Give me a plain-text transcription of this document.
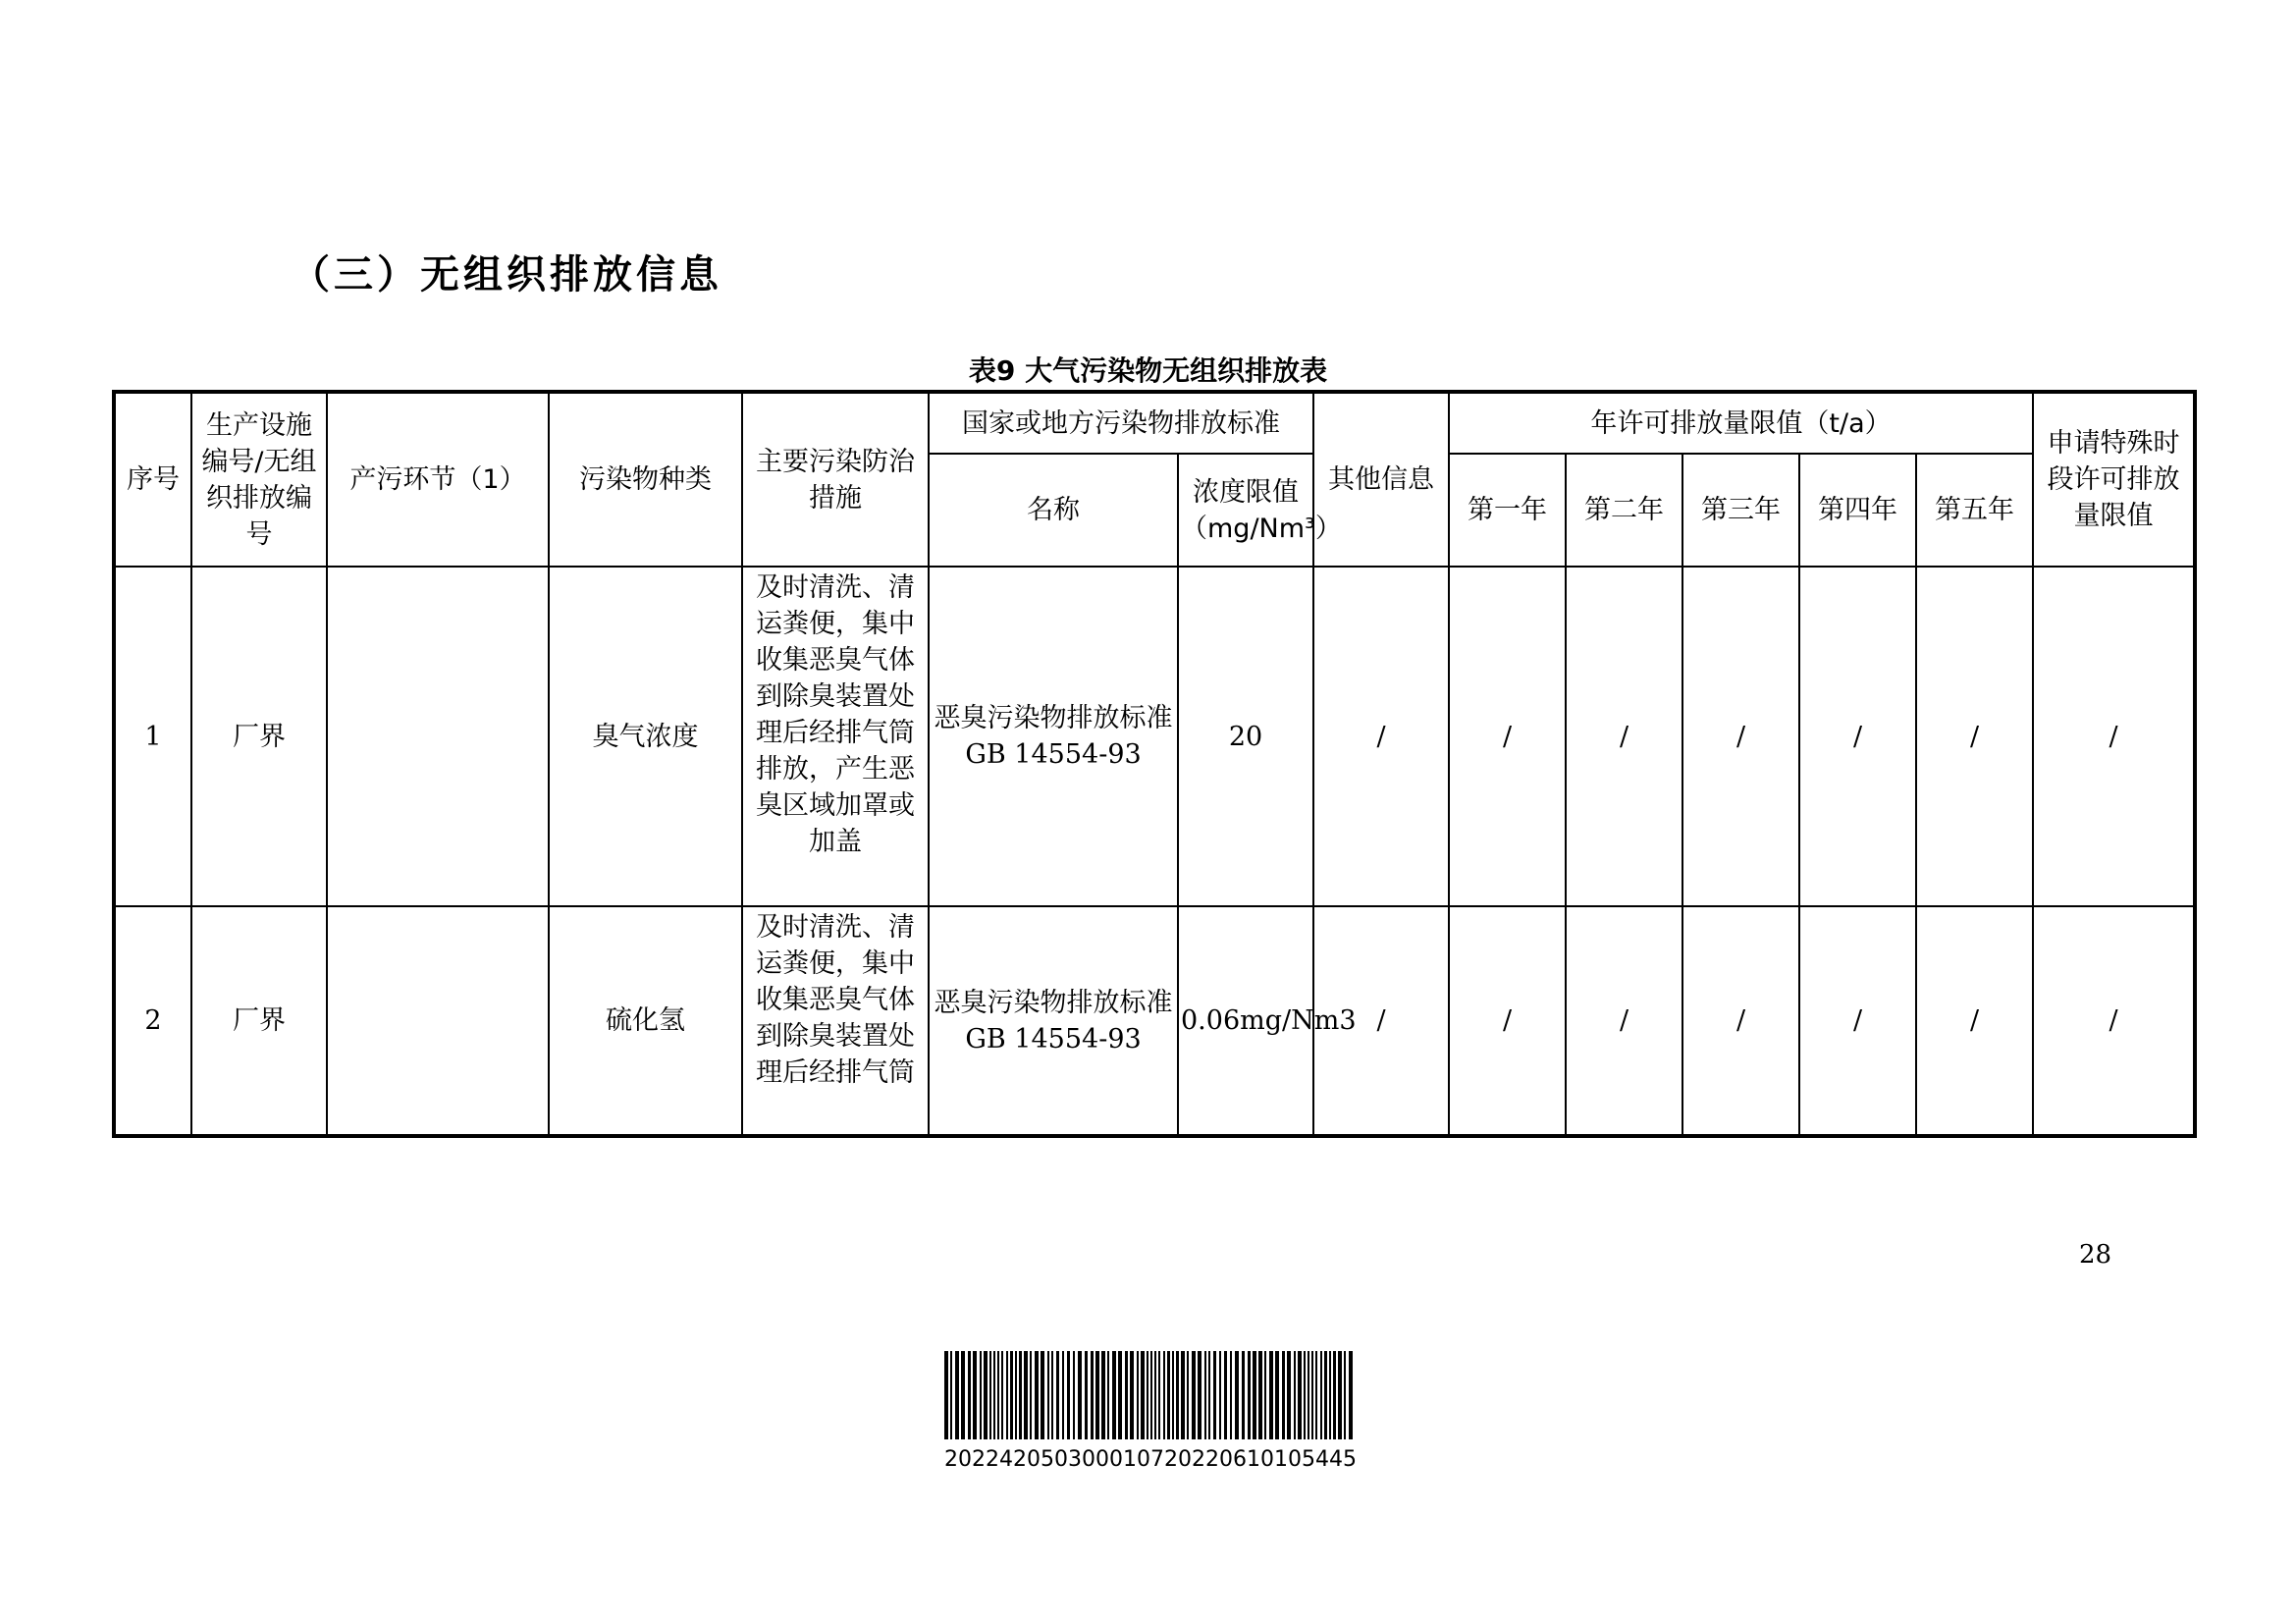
（三）无组织排放信息
表9 大气污染物无组织排放表
序号	生产设施编号/无组织排放编号	产污环节（1）	污染物种类	主要污染防治措施	国家或地方污染物排放标准		其他信息	年许可排放量限值（t/a）					申请特殊时段许可排放量限值
					名称	浓度限值（mg/Nm³）		第一年	第二年	第三年	第四年	第五年	
1	厂界		臭气浓度	及时清洗、清运粪便，集中收集恶臭气体到除臭装置处理后经排气筒排放，产生恶臭区域加罩或加盖	恶臭污染物排放标准GB 14554-93	20	/	/	/	/	/	/	/
2	厂界		硫化氢	及时清洗、清运粪便，集中收集恶臭气体到除臭装置处理后经排气筒	恶臭污染物排放标准GB 14554-93	0.06mg/Nm3	/	/	/	/	/	/	/

28

202242050300010720220610105445
